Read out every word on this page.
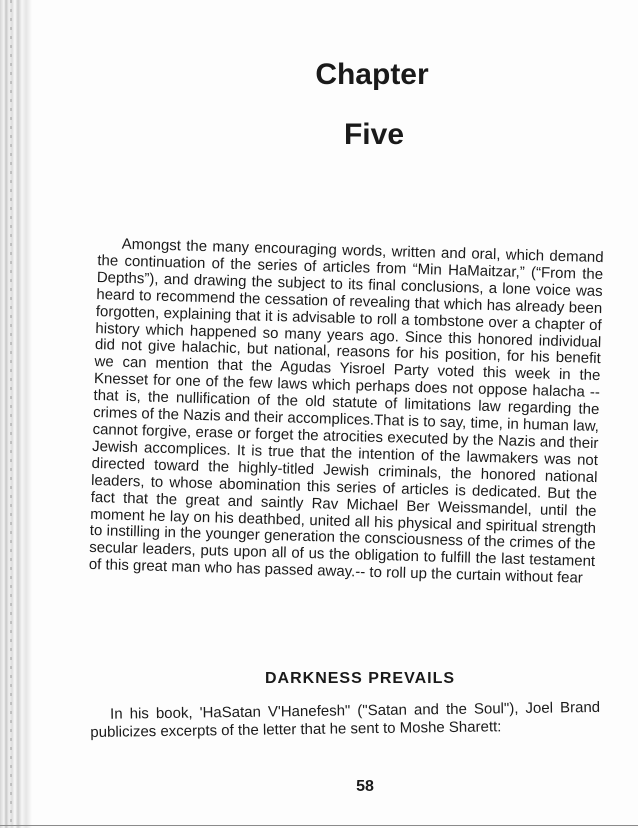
Chapter
Five

Amongst the many encouraging words, written and oral, which demand the continuation of the series of articles from “Min HaMaitzar,” (“From the Depths”), and drawing the subject to its final conclusions, a lone voice was heard to recommend the cessation of revealing that which has already been forgotten, explaining that it is advisable to roll a tombstone over a chapter of history which happened so many years ago. Since this honored individual did not give halachic, but national, reasons for his position, for his benefit we can mention that the Agudas Yisroel Party voted this week in the Knesset for one of the few laws which perhaps does not oppose halacha -- that is, the nullification of the old statute of limitations law regarding the crimes of the Nazis and their accomplices.That is to say, time, in human law, cannot forgive, erase or forget the atrocities executed by the Nazis and their Jewish accomplices. It is true that the intention of the lawmakers was not directed toward the highly-titled Jewish criminals, the honored national leaders, to whose abomination this series of articles is dedicated. But the fact that the great and saintly Rav Michael Ber Weissmandel, until the moment he lay on his deathbed, united all his physical and spiritual strength to instilling in the younger generation the consciousness of the crimes of the secular leaders, puts upon all of us the obligation to fulfill the last testament of this great man who has passed away.-- to roll up the curtain without fear

DARKNESS PREVAILS

In his book, 'HaSatan V'Hanefesh" ("Satan and the Soul"), Joel Brand publicizes excerpts of the letter that he sent to Moshe Sharett:

58
